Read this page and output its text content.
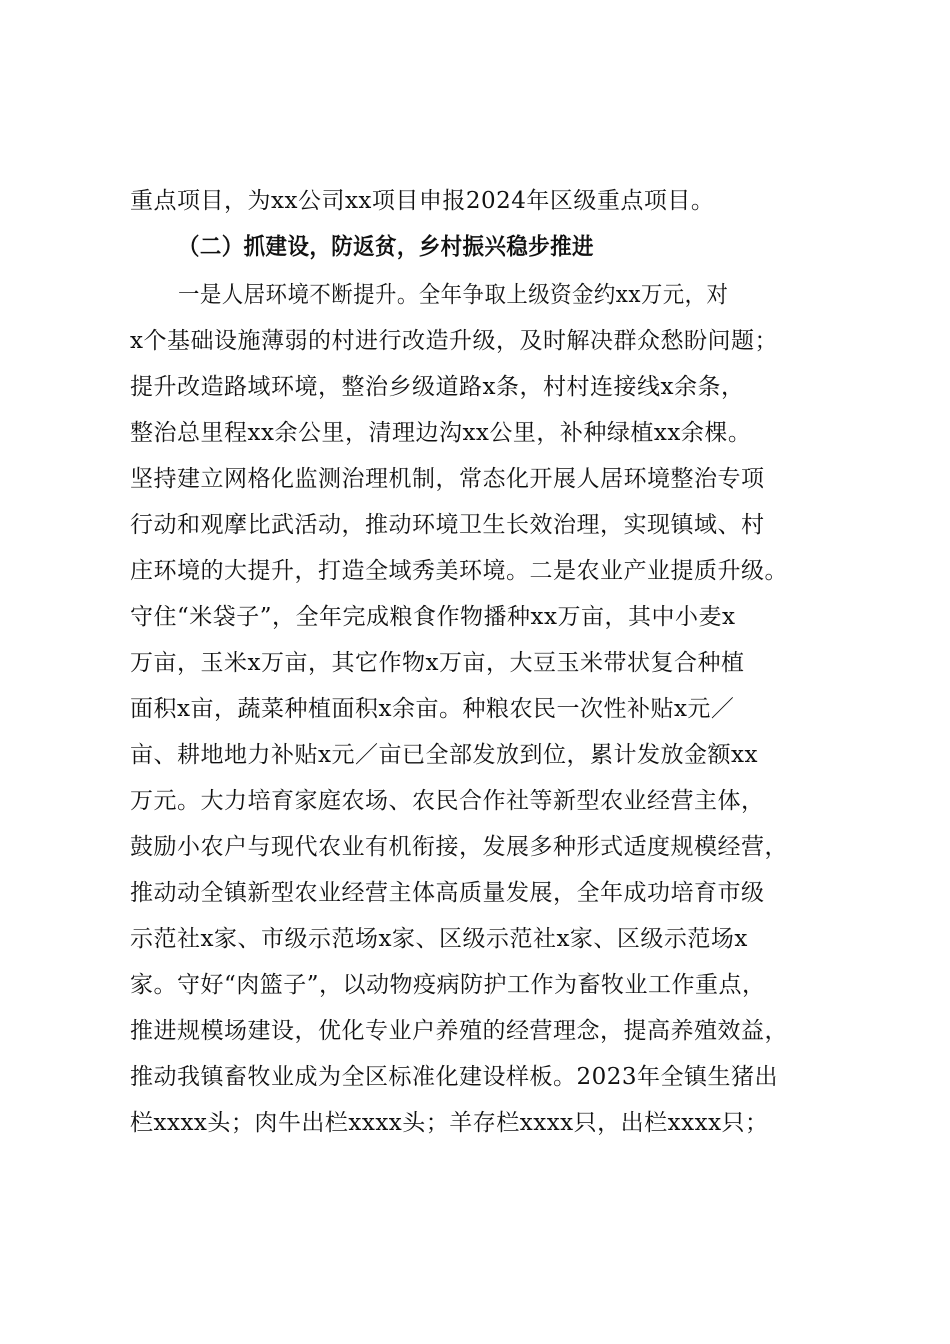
重点项目，为xx公司xx项目申报2024年区级重点项目。
（二）抓建设，防返贫，乡村振兴稳步推进
一是人居环境不断提升。全年争取上级资金约xx万元，对
x个基础设施薄弱的村进行改造升级，及时解决群众愁盼问题；
提升改造路域环境，整治乡级道路x条，村村连接线x余条，
整治总里程xx余公里，清理边沟xx公里，补种绿植xx余棵。
坚持建立网格化监测治理机制，常态化开展人居环境整治专项
行动和观摩比武活动，推动环境卫生长效治理，实现镇域、村
庄环境的大提升，打造全域秀美环境。二是农业产业提质升级。
守住“米袋子”，全年完成粮食作物播种xx万亩，其中小麦x
万亩，玉米x万亩，其它作物x万亩，大豆玉米带状复合种植
面积x亩，蔬菜种植面积x余亩。种粮农民一次性补贴x元／
亩、耕地地力补贴x元／亩已全部发放到位，累计发放金额xx
万元。大力培育家庭农场、农民合作社等新型农业经营主体，
鼓励小农户与现代农业有机衔接，发展多种形式适度规模经营，
推动动全镇新型农业经营主体高质量发展，全年成功培育市级
示范社x家、市级示范场x家、区级示范社x家、区级示范场x
家。守好“肉篮子”，以动物疫病防护工作为畜牧业工作重点，
推进规模场建设，优化专业户养殖的经营理念，提高养殖效益，
推动我镇畜牧业成为全区标准化建设样板。2023年全镇生猪出
栏xxxx头；肉牛出栏xxxx头；羊存栏xxxx只，出栏xxxx只；
